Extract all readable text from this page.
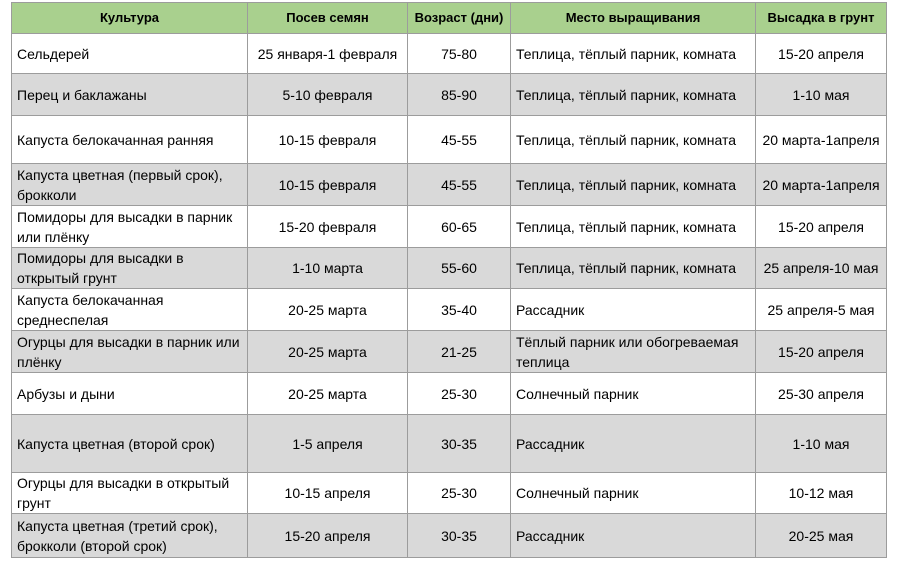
Культура	Посев семян	Возраст (дни)	Место выращивания	Высадка в грунт
Сельдерей	25 января-1 февраля	75-80	Теплица, тёплый парник, комната	15-20 апреля
Перец и баклажаны	5-10 февраля	85-90	Теплица, тёплый парник, комната	1-10 мая
Капуста белокачанная ранняя	10-15 февраля	45-55	Теплица, тёплый парник, комната	20 марта-1апреля
Капуста цветная (первый срок), брокколи	10-15 февраля	45-55	Теплица, тёплый парник, комната	20 марта-1апреля
Помидоры для высадки в парник или плёнку	15-20 февраля	60-65	Теплица, тёплый парник, комната	15-20 апреля
Помидоры для высадки в открытый грунт	1-10 марта	55-60	Теплица, тёплый парник, комната	25 апреля-10 мая
Капуста белокачанная среднеспелая	20-25 марта	35-40	Рассадник	25 апреля-5 мая
Огурцы для высадки в парник или плёнку	20-25 марта	21-25	Тёплый парник или обогреваемая теплица	15-20 апреля
Арбузы и дыни	20-25 марта	25-30	Солнечный парник	25-30 апреля
Капуста цветная (второй срок)	1-5 апреля	30-35	Рассадник	1-10 мая
Огурцы для высадки в открытый грунт	10-15 апреля	25-30	Солнечный парник	10-12 мая
Капуста цветная (третий срок), брокколи (второй срок)	15-20 апреля	30-35	Рассадник	20-25 мая
